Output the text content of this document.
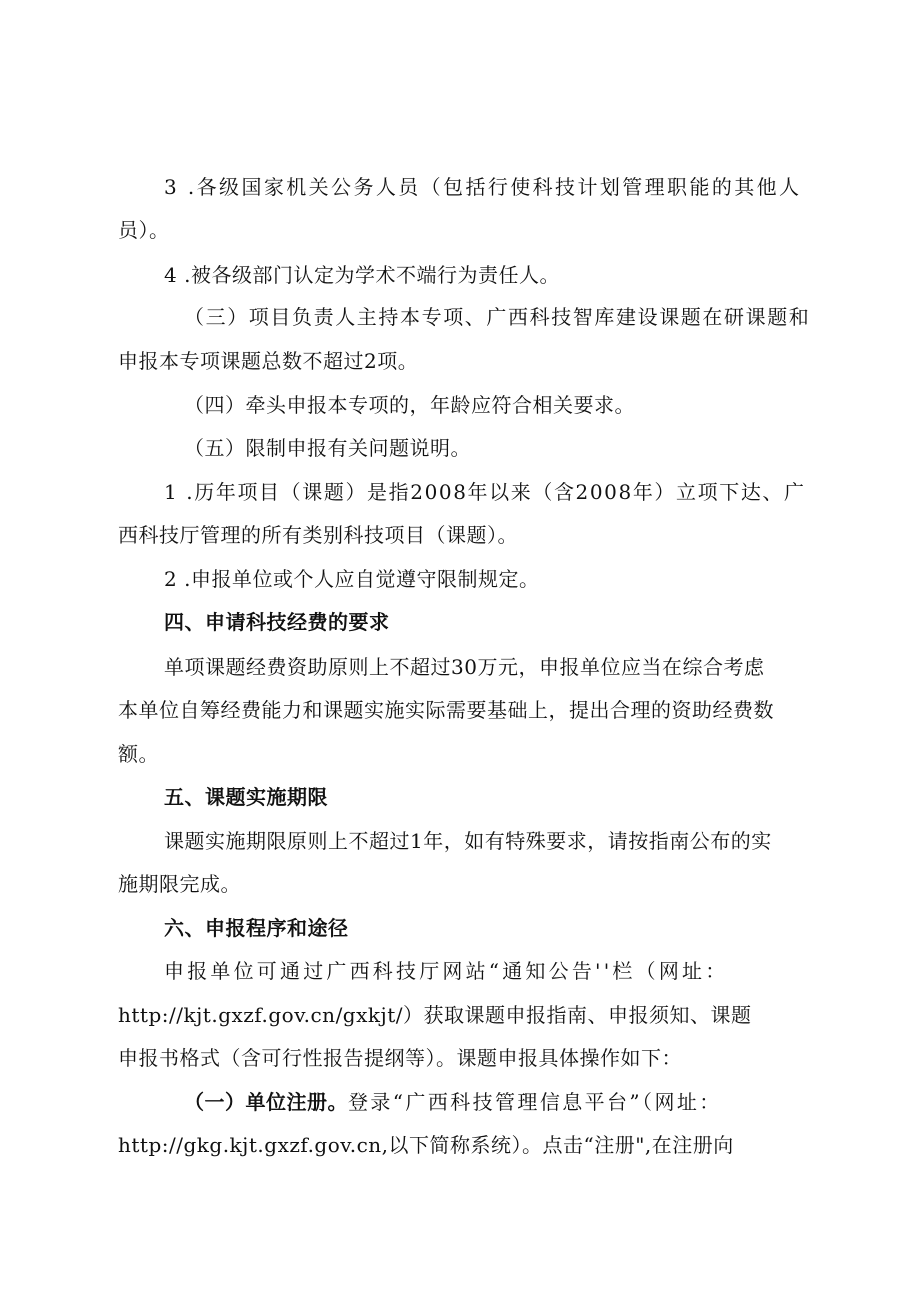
3 .各级国家机关公务人员（包括行使科技计划管理职能的其他人
员）。
4 .被各级部门认定为学术不端行为责任人。
（三）项目负责人主持本专项、广西科技智库建设课题在研课题和
申报本专项课题总数不超过2项。
（四）牵头申报本专项的，年龄应符合相关要求。
（五）限制申报有关问题说明。
1 .历年项目（课题）是指2008年以来（含2008年）立项下达、广
西科技厅管理的所有类别科技项目（课题）。
2 .申报单位或个人应自觉遵守限制规定。
四、申请科技经费的要求
单项课题经费资助原则上不超过30万元，申报单位应当在综合考虑
本单位自筹经费能力和课题实施实际需要基础上，提出合理的资助经费数
额。
五、课题实施期限
课题实施期限原则上不超过1年，如有特殊要求，请按指南公布的实
施期限完成。
六、申报程序和途径
申报单位可通过广西科技厅网站“通知公告''栏（网址：
http://kjt.gxzf.gov.cn/gxkjt/）获取课题申报指南、申报须知、课题
申报书格式（含可行性报告提纲等）。课题申报具体操作如下：
（一）单位注册。登录“广西科技管理信息平台”（网址：
http://gkg.kjt.gxzf.gov.cn,以下简称系统）。点击“注册",在注册向
